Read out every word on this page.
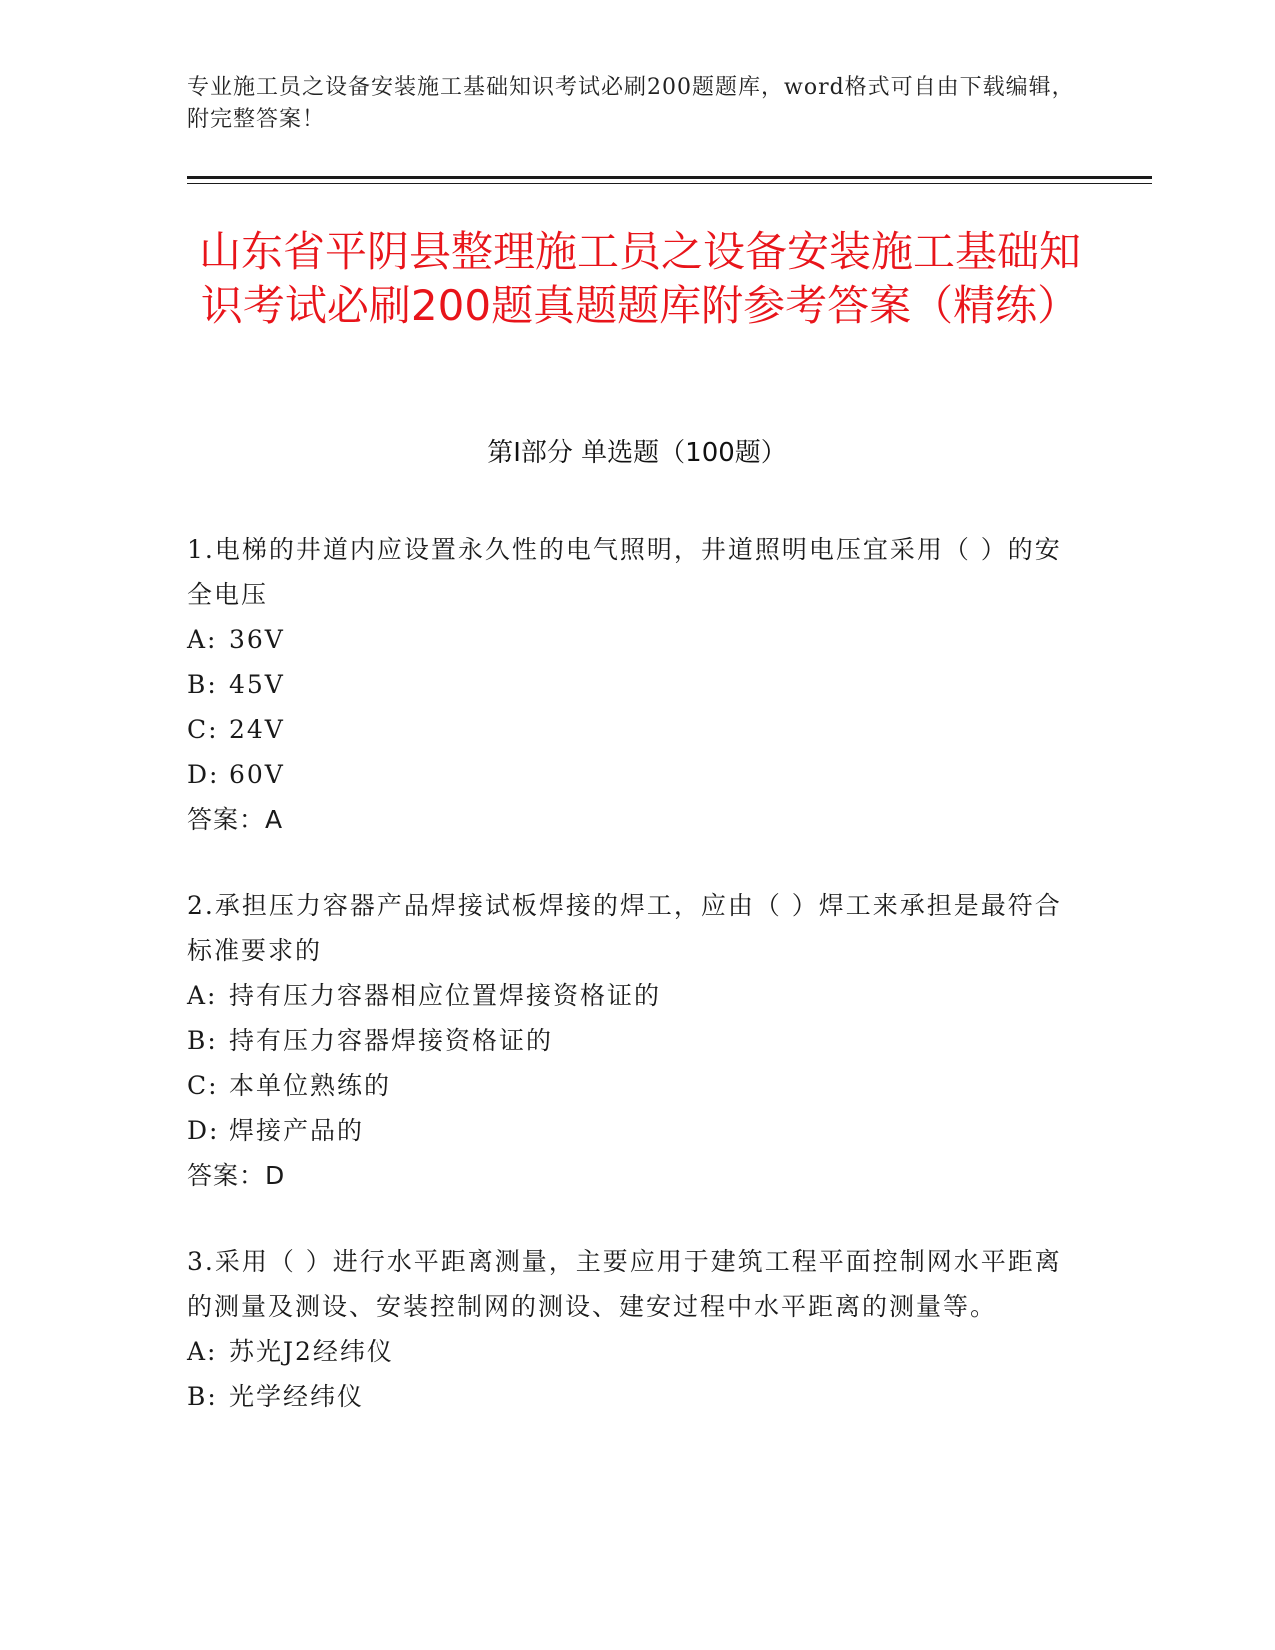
专业施工员之设备安装施工基础知识考试必刷200题题库，word格式可自由下载编辑，附完整答案！
山东省平阴县整理施工员之设备安装施工基础知识考试必刷200题真题题库附参考答案（精练）
第I部分 单选题（100题）

1.电梯的井道内应设置永久性的电气照明，井道照明电压宜采用（ ）的安全电压

A: 36V

B: 45V

C: 24V

D: 60V

答案：A

2.承担压力容器产品焊接试板焊接的焊工，应由（ ）焊工来承担是最符合标准要求的

A: 持有压力容器相应位置焊接资格证的

B: 持有压力容器焊接资格证的

C: 本单位熟练的

D: 焊接产品的

答案：D

3.采用（ ）进行水平距离测量，主要应用于建筑工程平面控制网水平距离的测量及测设、安装控制网的测设、建安过程中水平距离的测量等。

A: 苏光J2经纬仪

B: 光学经纬仪
